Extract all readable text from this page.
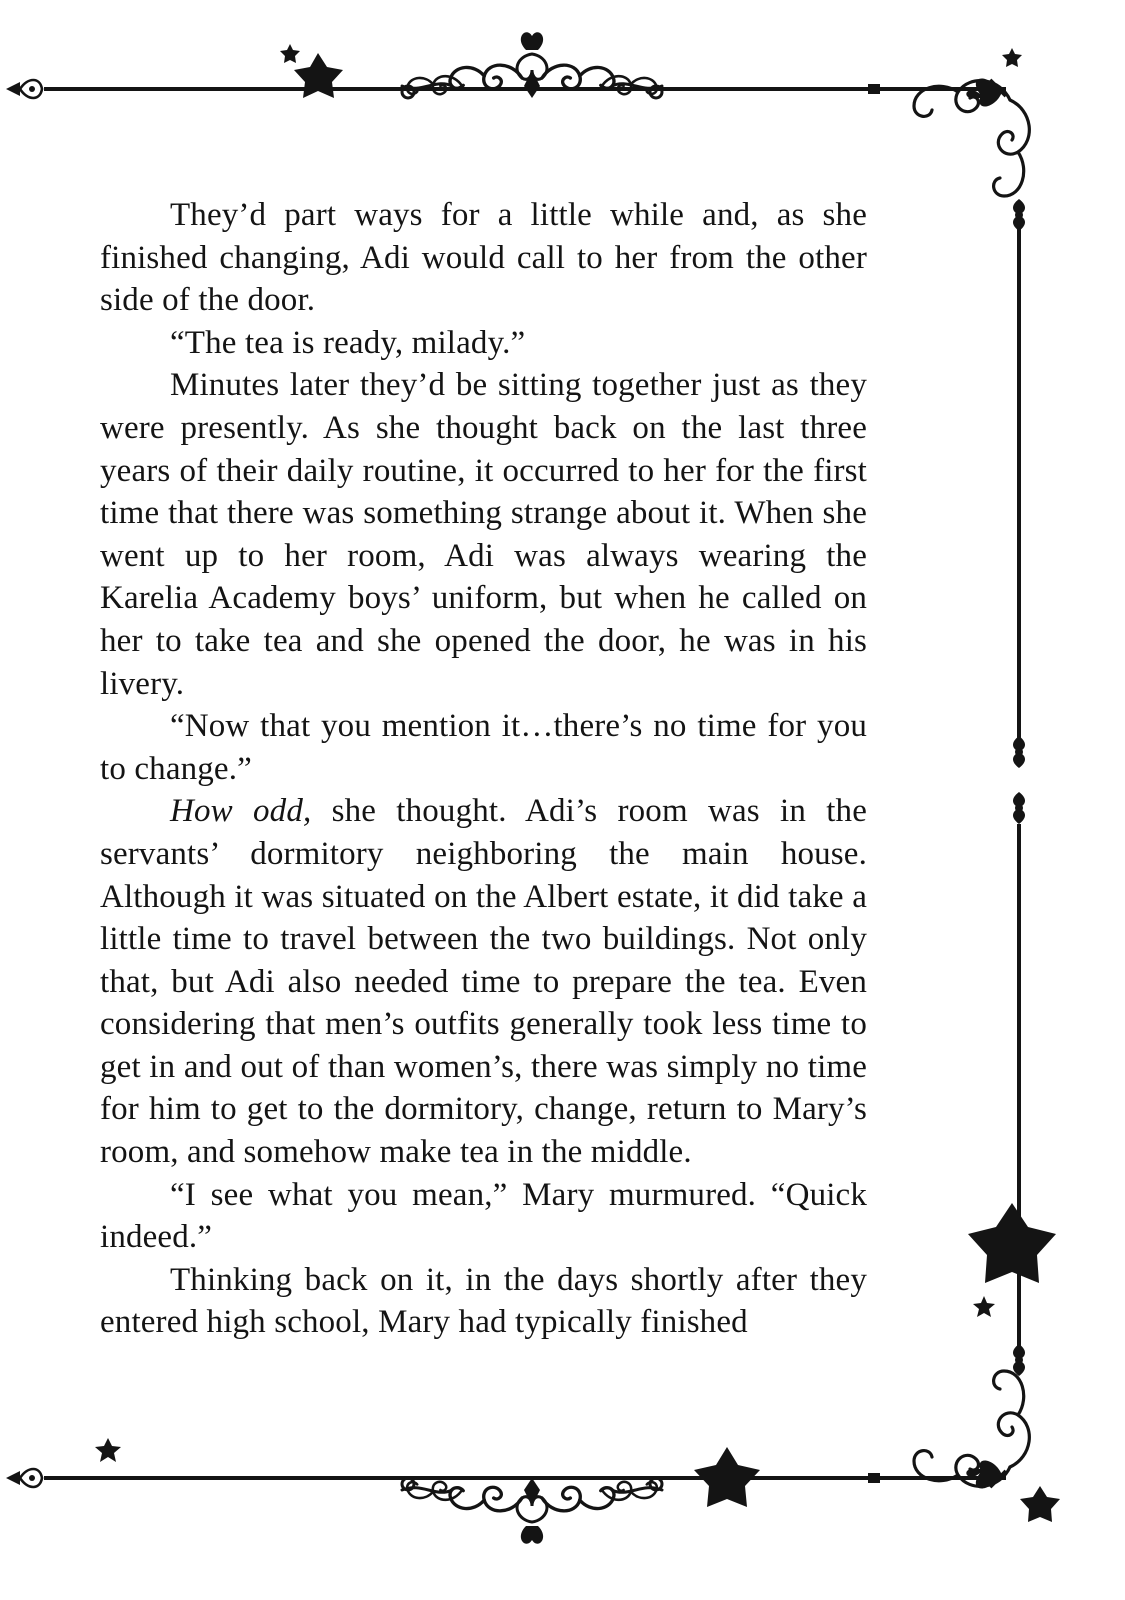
They’d part ways for a little while and, as she finished changing, Adi would call to her from the other side of the door.

“The tea is ready, milady.”

Minutes later they’d be sitting together just as they were presently. As she thought back on the last three years of their daily routine, it occurred to her for the first time that there was something strange about it. When she went up to her room, Adi was always wearing the Karelia Academy boys’ uniform, but when he called on her to take tea and she opened the door, he was in his livery.

“Now that you mention it…there’s no time for you to change.”

How odd, she thought. Adi’s room was in the servants’ dormitory neighboring the main house. Although it was situated on the Albert estate, it did take a little time to travel between the two buildings. Not only that, but Adi also needed time to prepare the tea. Even considering that men’s outfits generally took less time to get in and out of than women’s, there was simply no time for him to get to the dormitory, change, return to Mary’s room, and somehow make tea in the middle.

“I see what you mean,” Mary murmured. “Quick indeed.”

Thinking back on it, in the days shortly after they entered high school, Mary had typically finished
